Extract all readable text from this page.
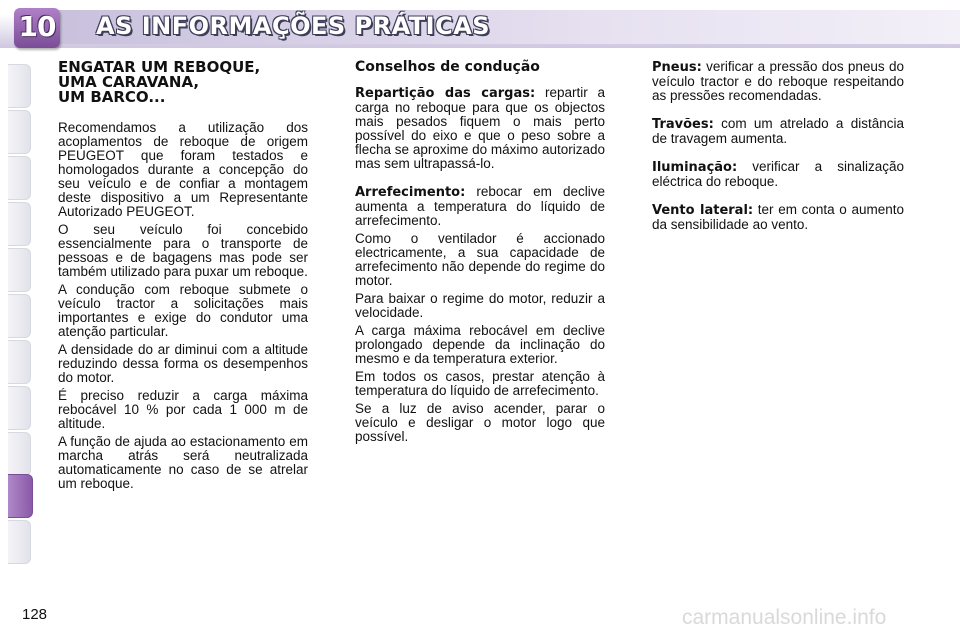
10 AS INFORMAÇÕES PRÁTICAS
ENGATAR UM REBOQUE,
UMA CARAVANA,
UM BARCO...

Recomendamos a utilização dos acoplamentos de reboque de origem PEUGEOT que foram testados e homologados durante a concepção do seu veículo e de confiar a montagem deste dispositivo a um Representante Autorizado PEUGEOT.

O seu veículo foi concebido essencialmente para o transporte de pessoas e de bagagens mas pode ser também utilizado para puxar um reboque.

A condução com reboque submete o veículo tractor a solicitações mais importantes e exige do condutor uma atenção particular.

A densidade do ar diminui com a altitude reduzindo dessa forma os desempenhos do motor.

É preciso reduzir a carga máxima rebocável 10 % por cada 1 000 m de altitude.

A função de ajuda ao estacionamento em marcha atrás será neutralizada automaticamente no caso de se atrelar um reboque.

Conselhos de condução

Repartição das cargas: repartir a carga no reboque para que os objectos mais pesados fiquem o mais perto possível do eixo e que o peso sobre a flecha se aproxime do máximo autorizado mas sem ultrapassá-lo.

Arrefecimento: rebocar em declive aumenta a temperatura do líquido de arrefecimento.

Como o ventilador é accionado electricamente, a sua capacidade de arrefecimento não depende do regime do motor.

Para baixar o regime do motor, reduzir a velocidade.

A carga máxima rebocável em declive prolongado depende da inclinação do mesmo e da temperatura exterior.

Em todos os casos, prestar atenção à temperatura do líquido de arrefecimento.

Se a luz de aviso acender, parar o veículo e desligar o motor logo que possível.

Pneus: verificar a pressão dos pneus do veículo tractor e do reboque respeitando as pressões recomendadas.

Travões: com um atrelado a distância de travagem aumenta.

Iluminação: verificar a sinalização eléctrica do reboque.

Vento lateral: ter em conta o aumento da sensibilidade ao vento.

128	carmanualsonline.info
